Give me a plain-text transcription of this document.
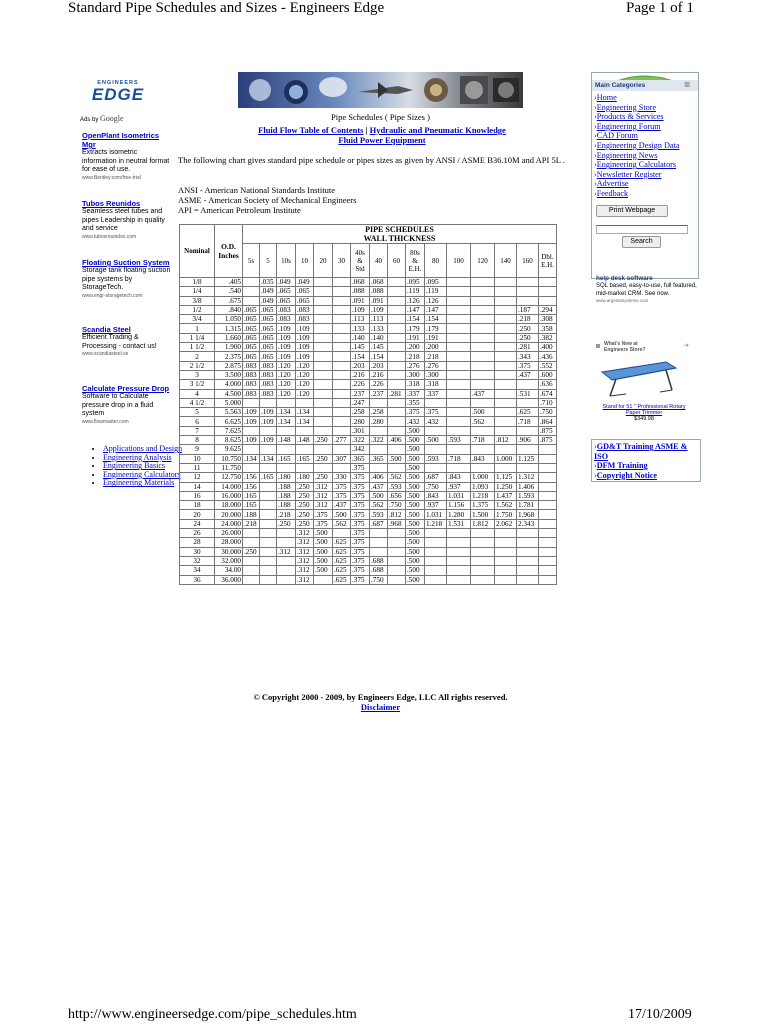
Standard Pipe Schedules and Sizes - Engineers Edge	Page 1 of 1
ENGINEERS
EDGE
Ads by Google
OpenPlant Isometrics Mgr
Extracts isometric information in neutral format for ease of use.
www.Bentley.com/free-trial
Tubos Reunidos
Seamless steel tubes and pipes Leadership in quality and service
www.tubosreunidos.com
Floating Suction System
Storage tank floating suction pipe systems by StorageTech.
www.engr-storagetech.com
Scandia Steel
Efficient Trading & Processing - contact us!
www.scandiasteel.se
Calculate Pressure Drop
Software to Calculate pressure drop in a fluid system
www.flowmaster.com
• Applications and Design
• Engineering Analysis
• Engineering Basics
• Engineering Calculators
• Engineering Materials
Pipe Schedules ( Pipe Sizes )
Fluid Flow Table of Contents | Hydraulic and Pneumatic Knowledge
Fluid Power Equipment
The following chart gives standard pipe schedule or pipes sizes as given by ANSI / ASME B36.10M and API 5L .
ANSI - American National Standards Institute
ASME - American Society of Mechanical Engineers
API = American Petroleum Institute
Nominal	O.D. Inches	PIPE SCHEDULES
WALL THICKNESS															

		5s	5	10s	10	20	30	40s & Std	40	60	80s & E.H.	80	100	120	140	160	Dbl. E.H.
1/8	.405		.035	.049	.049			.068	.068		.095	.095					
1/4	.540		.049	.065	.065			.088	.088		.119	.119					
3/8	.675		.049	.065	.065			.091	.091		.126	.126					
1/2	.840	.065	.065	.083	.083			.109	.109		.147	.147				.187	.294
3/4	1.050	.065	.065	.083	.083			.113	.113		.154	.154				.218	.308
1	1.315	.065	.065	.109	.109			.133	.133		.179	.179				.250	.358
1 1/4	1.660	.065	.065	.109	.109			.140	.140		.191	.191				.250	.382
1 1/2	1.900	.065	.065	.109	.109			.145	.145		.200	.200				.281	.400
2	2.375	.065	.065	.109	.109			.154	.154		.218	.218				.343	.436
2 1/2	2.875	.083	.083	.120	.120			.203	.203		.276	.276				.375	.552
3	3.500	.083	.083	.120	.120			.216	.216		.300	.300				.437	.600
3 1/2	4.000	.083	.083	.120	.120			.226	.226		.318	.318					.636
4	4.500	.083	.083	.120	.120			.237	.237	.281	.337	.337		.437		.531	.674
4 1/2	5.000							.247			.355						.710
5	5.563	.109	.109	.134	.134			.258	.258		.375	.375		.500		.625	.750
6	6.625	.109	.109	.134	.134			.280	.280		.432	.432		.562		.718	.864
7	7.625							.301			.500						.875
8	8.625	.109	.109	.148	.148	.250	.277	.322	.322	.406	.500	.500	.593	.718	.812	.906	.875
9	9.625							.342			.500						
10	10.750	.134	.134	.165	.165	.250	.307	.365	.365	.500	.500	.593	.718	.843	1.000	1.125	
11	11.750							.375			.500						
12	12.750	.156	.165	.180	.180	.250	.330	.375	.406	.562	.500	.687	.843	1.000	1.125	1.312	
14	14.000	.156		.188	.250	.312	.375	.375	.437	.593	.500	.750	.937	1.093	1.250	1.406	
16	16.000	.165		.188	.250	.312	.375	.375	.500	.656	.500	.843	1.031	1.218	1.437	1.593	
18	18.000	.165		.188	.250	.312	.437	.375	.562	.750	.500	.937	1.156	1.375	1.562	1.781	
20	20.000	.188		.218	.250	.375	.500	.375	.593	.812	.500	1.031	1.280	1.500	1.750	1.968	
24	24.000	.218		.250	.250	.375	.562	.375	.687	.968	.500	1.218	1.531	1.812	2.062	2.343	
26	26.000				.312	.500		.375			.500						
28	28.000				.312	.500	.625	.375			.500						
30	30.000	.250		.312	.312	.500	.625	.375			.500						
32	32.000				.312	.500	.625	.375	.688		.500						
34	34.00				.312	.500	.625	.375	.688		.500						
36	36.000				.312		.625	.375	.750		.500						
© Copyright 2000 - 2009, by Engineers Edge, LLC All rights reserved.
Disclaimer
Main Categories	▥
›Home
›Engineering Store
›Products & Services
›Engineering Forum
›CAD Forum
›Engineering Design Data
›Engineering News
›Engineering Calculators
›Newsletter Register
›Advertise
›Feedback
Print Webpage
Search
help desk software
SQL based, easy-to-use, full featured, mid-market CRM. See now.
www.argentasystems.com
What's New at Engineers Store? ➔
Stand for 51 " Professional Rotary Paper Trimmer
$349.98
›GD&T Training ASME & ISO
›DFM Training
›Copyright Notice
http://www.engineersedge.com/pipe_schedules.htm	17/10/2009
